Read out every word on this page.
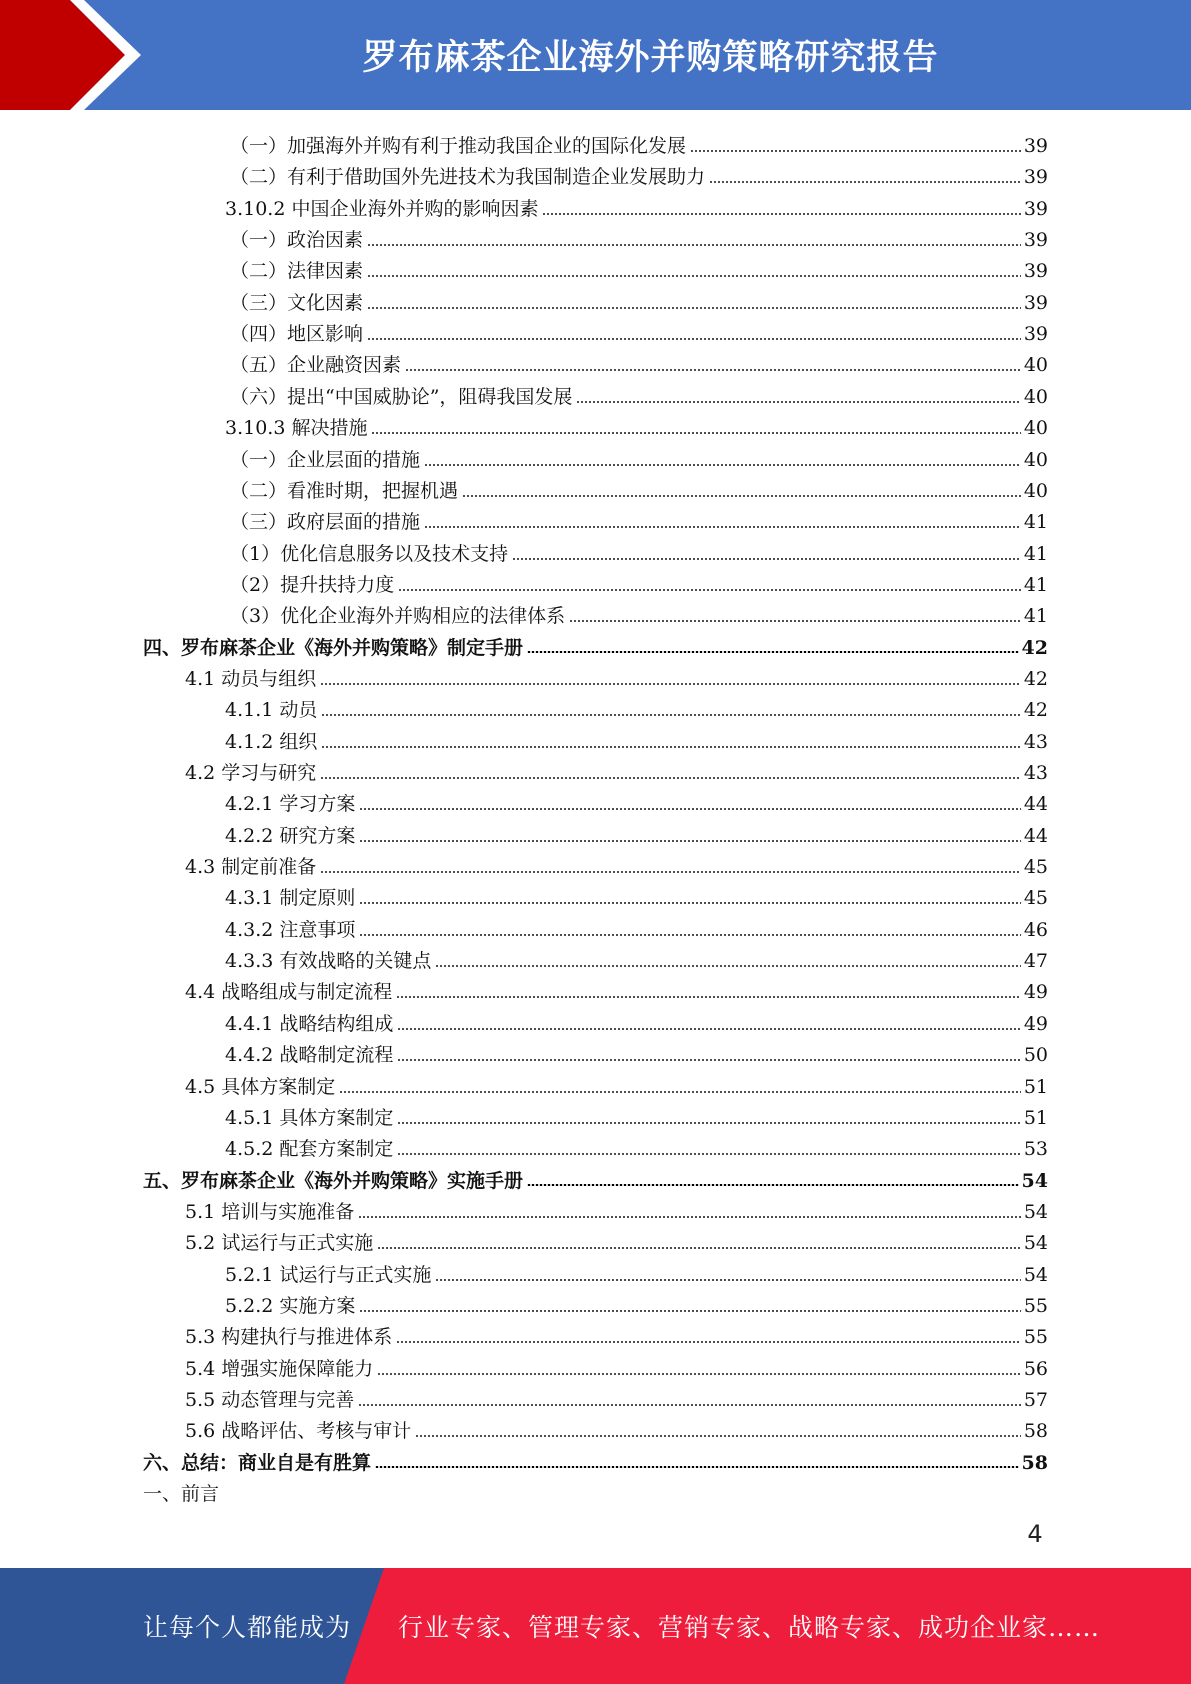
罗布麻茶企业海外并购策略研究报告
（一）加强海外并购有利于推动我国企业的国际化发展	39
（二）有利于借助国外先进技术为我国制造企业发展助力	39
3.10.2 中国企业海外并购的影响因素	39
（一）政治因素	39
（二）法律因素	39
（三）文化因素	39
（四）地区影响	39
（五）企业融资因素	40
（六）提出“中国威胁论”，阻碍我国发展	40
3.10.3 解决措施	40
（一）企业层面的措施	40
（二）看准时期，把握机遇	40
（三）政府层面的措施	41
（1）优化信息服务以及技术支持	41
（2）提升扶持力度	41
（3）优化企业海外并购相应的法律体系	41
四、罗布麻茶企业《海外并购策略》制定手册	42
4.1 动员与组织	42
4.1.1 动员	42
4.1.2 组织	43
4.2 学习与研究	43
4.2.1 学习方案	44
4.2.2 研究方案	44
4.3 制定前准备	45
4.3.1 制定原则	45
4.3.2 注意事项	46
4.3.3 有效战略的关键点	47
4.4 战略组成与制定流程	49
4.4.1 战略结构组成	49
4.4.2 战略制定流程	50
4.5 具体方案制定	51
4.5.1 具体方案制定	51
4.5.2 配套方案制定	53
五、罗布麻茶企业《海外并购策略》实施手册	54
5.1 培训与实施准备	54
5.2 试运行与正式实施	54
5.2.1 试运行与正式实施	54
5.2.2 实施方案	55
5.3 构建执行与推进体系	55
5.4 增强实施保障能力	56
5.5 动态管理与完善	57
5.6 战略评估、考核与审计	58
六、总结：商业自是有胜算	58
一、前言
4
让每个人都能成为 行业专家、管理专家、营销专家、战略专家、成功企业家……
